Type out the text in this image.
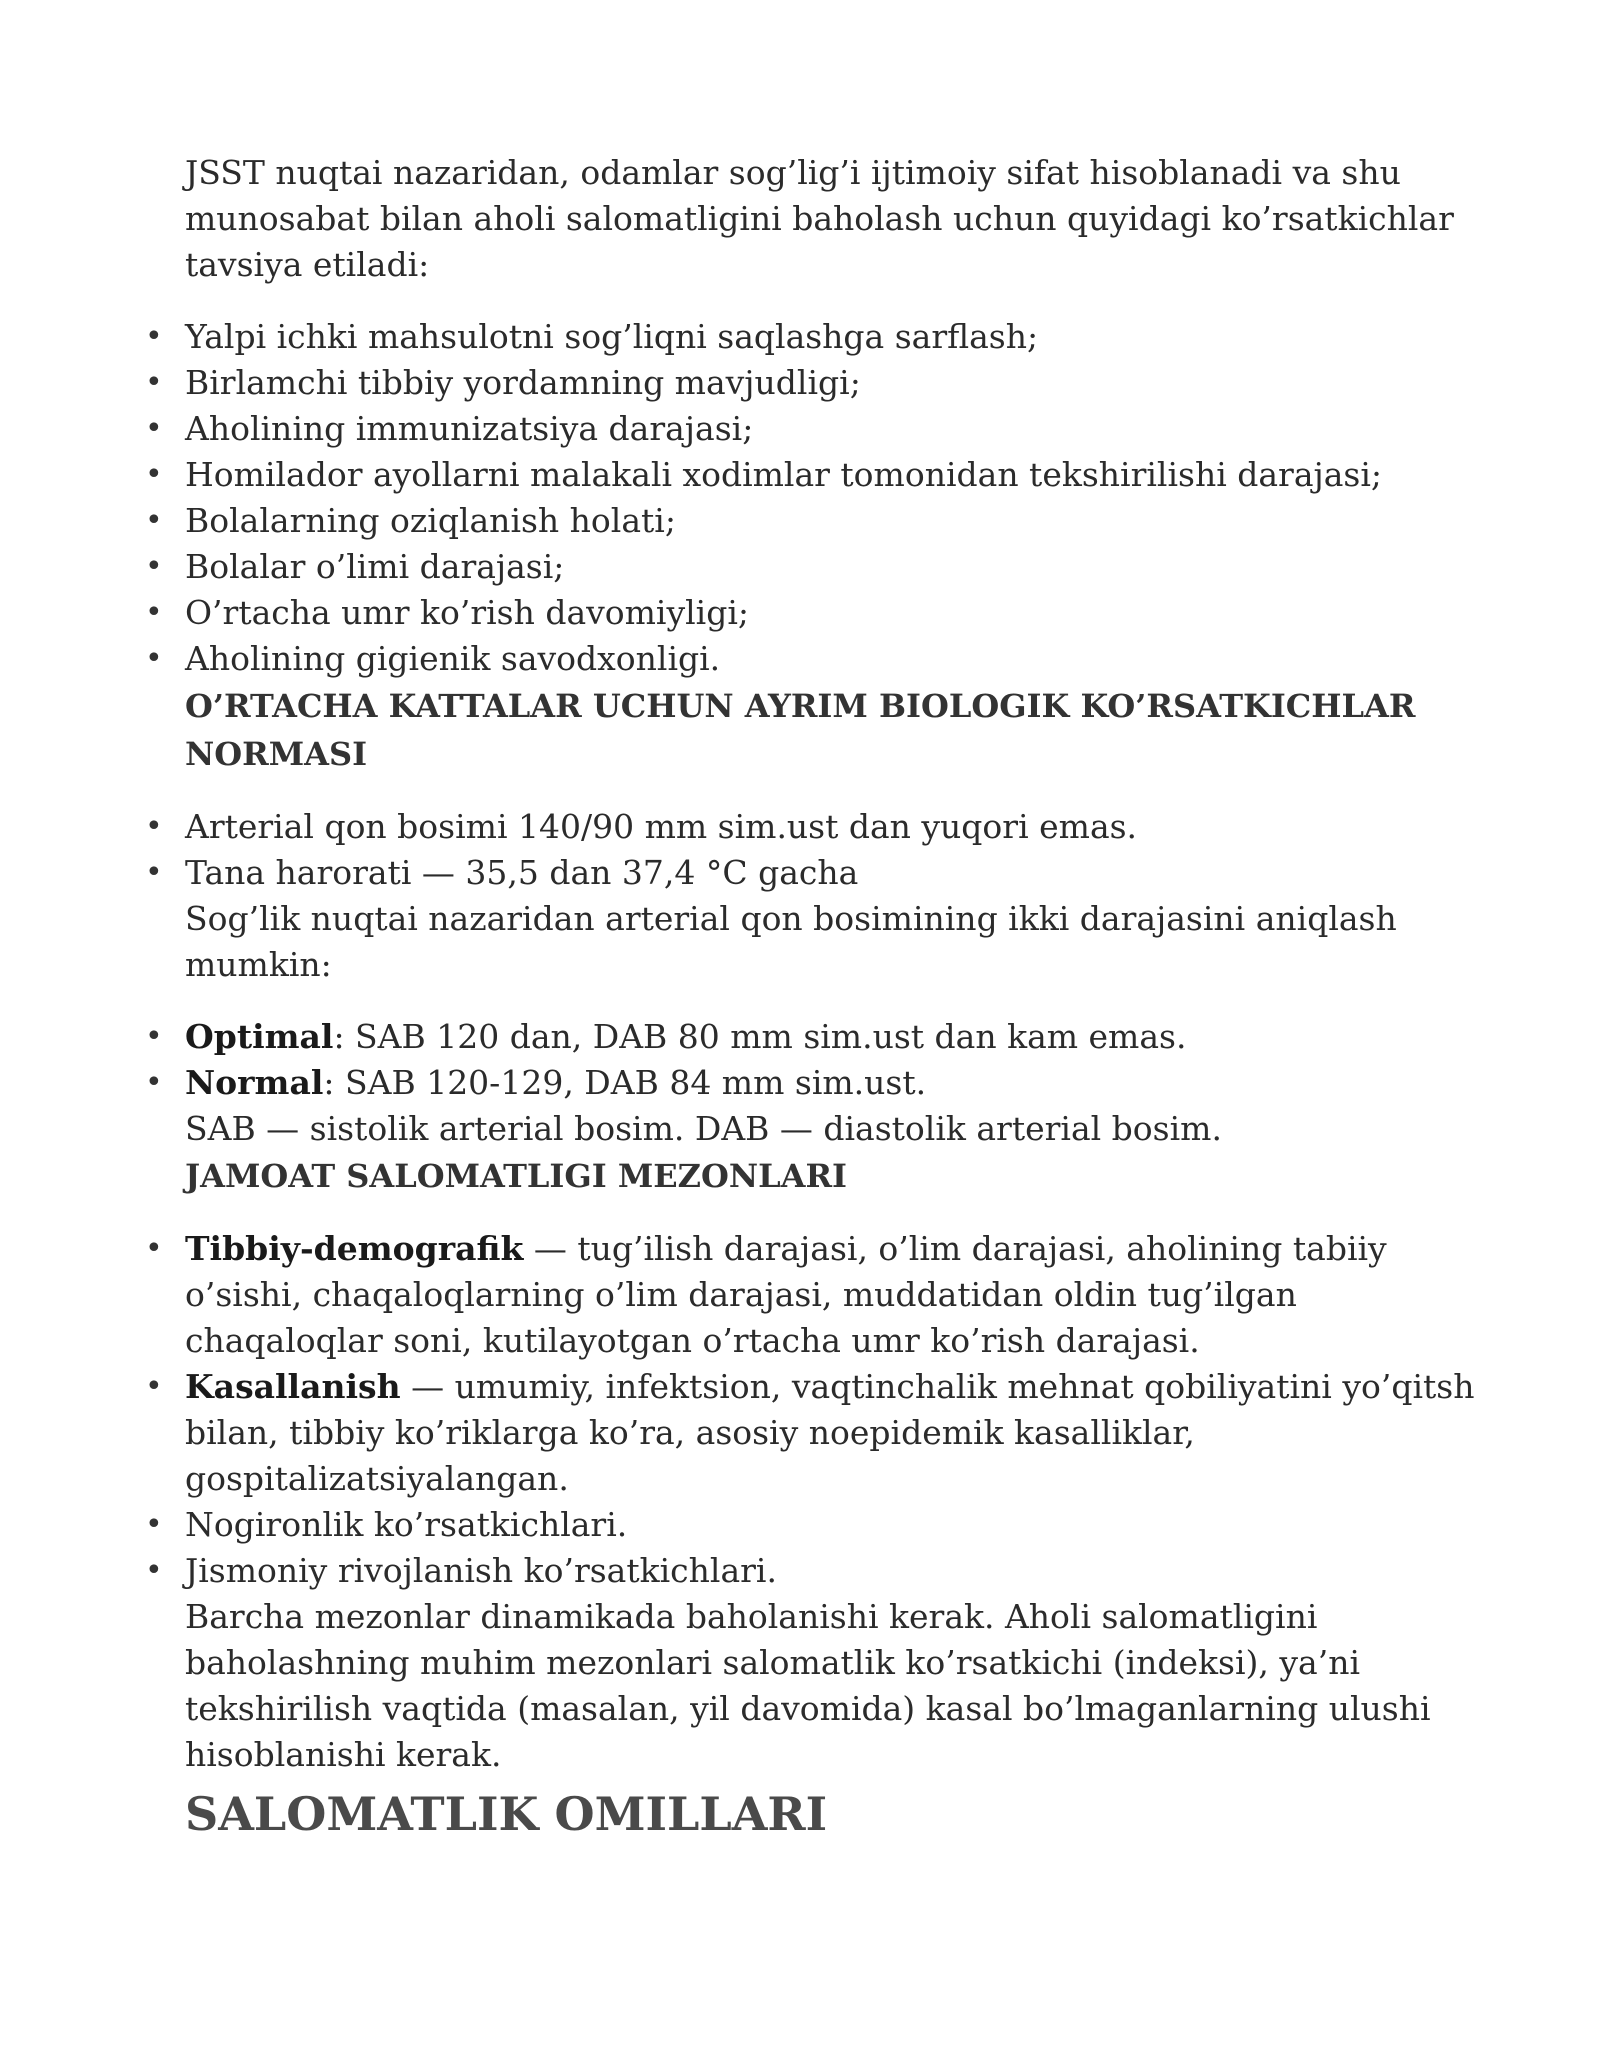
JSST nuqtai nazaridan, odamlar sog’lig’i ijtimoiy sifat hisoblanadi va shu munosabat bilan aholi salomatligini baholash uchun quyidagi ko’rsatkichlar tavsiya etiladi:

• Yalpi ichki mahsulotni sog’liqni saqlashga sarflash;
• Birlamchi tibbiy yordamning mavjudligi;
• Aholining immunizatsiya darajasi;
• Homilador ayollarni malakali xodimlar tomonidan tekshirilishi darajasi;
• Bolalarning oziqlanish holati;
• Bolalar o’limi darajasi;
• O’rtacha umr ko’rish davomiyligi;
• Aholining gigienik savodxonligi.

O’RTACHA KATTALAR UCHUN AYRIM BIOLOGIK KO’RSATKICHLAR NORMASI

• Arterial qon bosimi 140/90 mm sim.ust dan yuqori emas.
• Tana harorati — 35,5 dan 37,4 °C gacha

Sog’lik nuqtai nazaridan arterial qon bosimining ikki darajasini aniqlash mumkin:

• Optimal: SAB 120 dan, DAB 80 mm sim.ust dan kam emas.
• Normal: SAB 120-129, DAB 84 mm sim.ust.

SAB — sistolik arterial bosim. DAB — diastolik arterial bosim.

JAMOAT SALOMATLIGI MEZONLARI

• Tibbiy-demografik — tug’ilish darajasi, o’lim darajasi, aholining tabiiy o’sishi, chaqaloqlarning o’lim darajasi, muddatidan oldin tug’ilgan chaqaloqlar soni, kutilayotgan o’rtacha umr ko’rish darajasi.
• Kasallanish — umumiy, infektsion, vaqtinchalik mehnat qobiliyatini yo’qitsh bilan, tibbiy ko’riklarga ko’ra, asosiy noepidemik kasalliklar, gospitalizatsiyalangan.
• Nogironlik ko’rsatkichlari.
• Jismoniy rivojlanish ko’rsatkichlari.

Barcha mezonlar dinamikada baholanishi kerak. Aholi salomatligini baholashning muhim mezonlari salomatlik ko’rsatkichi (indeksi), ya’ni tekshirilish vaqtida (masalan, yil davomida) kasal bo’lmaganlarning ulushi hisoblanishi kerak.

SALOMATLIK OMILLARI
